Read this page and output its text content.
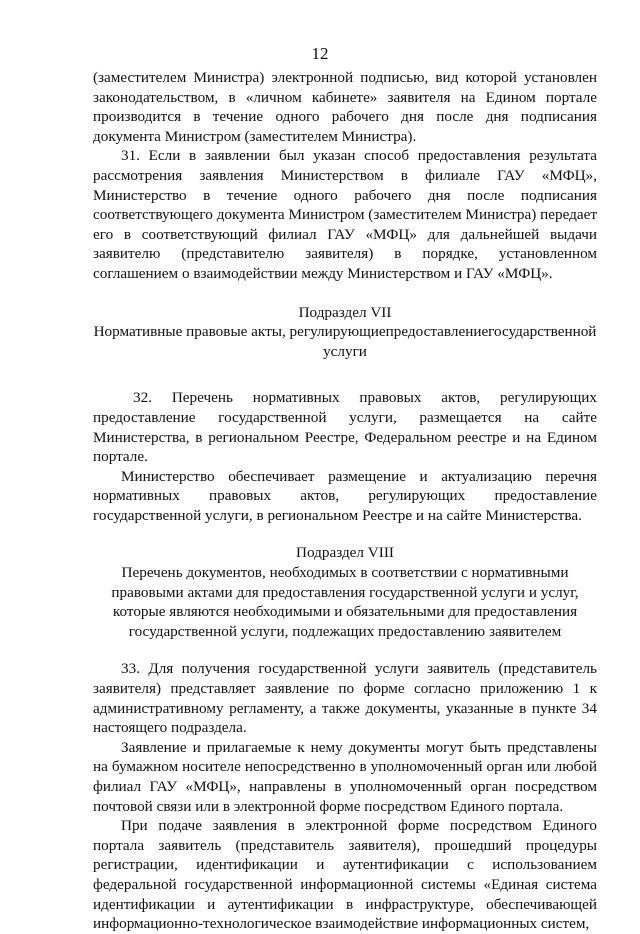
12

(заместителем Министра) электронной подписью, вид которой установлен законодательством, в «личном кабинете» заявителя на Едином портале производится в течение одного рабочего дня после дня подписания документа Министром (заместителем Министра).

31. Если в заявлении был указан способ предоставления результата рассмотрения заявления Министерством в филиале ГАУ «МФЦ», Министерство в течение одного рабочего дня после подписания соответствующего документа Министром (заместителем Министра) передает его в соответствующий филиал ГАУ «МФЦ» для дальнейшей выдачи заявителю (представителю заявителя) в порядке, установленном соглашением о взаимодействии между Министерством и ГАУ «МФЦ».

Подраздел VII

Нормативные правовые акты, регулирующиепредоставлениегосударственной услуги

32. Перечень нормативных правовых актов, регулирующих предоставление государственной услуги, размещается на сайте Министерства, в региональном Реестре, Федеральном реестре и на Едином портале.

Министерство обеспечивает размещение и актуализацию перечня нормативных правовых актов, регулирующих предоставление государственной услуги, в региональном Реестре и на сайте Министерства.

Подраздел VIII

Перечень документов, необходимых в соответствии с нормативными правовыми актами для предоставления государственной услуги и услуг, которые являются необходимыми и обязательными для предоставления государственной услуги, подлежащих предоставлению заявителем

33. Для получения государственной услуги заявитель (представитель заявителя) представляет заявление по форме согласно приложению 1 к административному регламенту, а также документы, указанные в пункте 34 настоящего подраздела.

Заявление и прилагаемые к нему документы могут быть представлены на бумажном носителе непосредственно в уполномоченный орган или любой филиал ГАУ «МФЦ», направлены в уполномоченный орган посредством почтовой связи или в электронной форме посредством Единого портала.

При подаче заявления в электронной форме посредством Единого портала заявитель (представитель заявителя), прошедший процедуры регистрации, идентификации и аутентификации с использованием федеральной государственной информационной системы «Единая система идентификации и аутентификации в инфраструктуре, обеспечивающей информационно-технологическое взаимодействие информационных систем,
